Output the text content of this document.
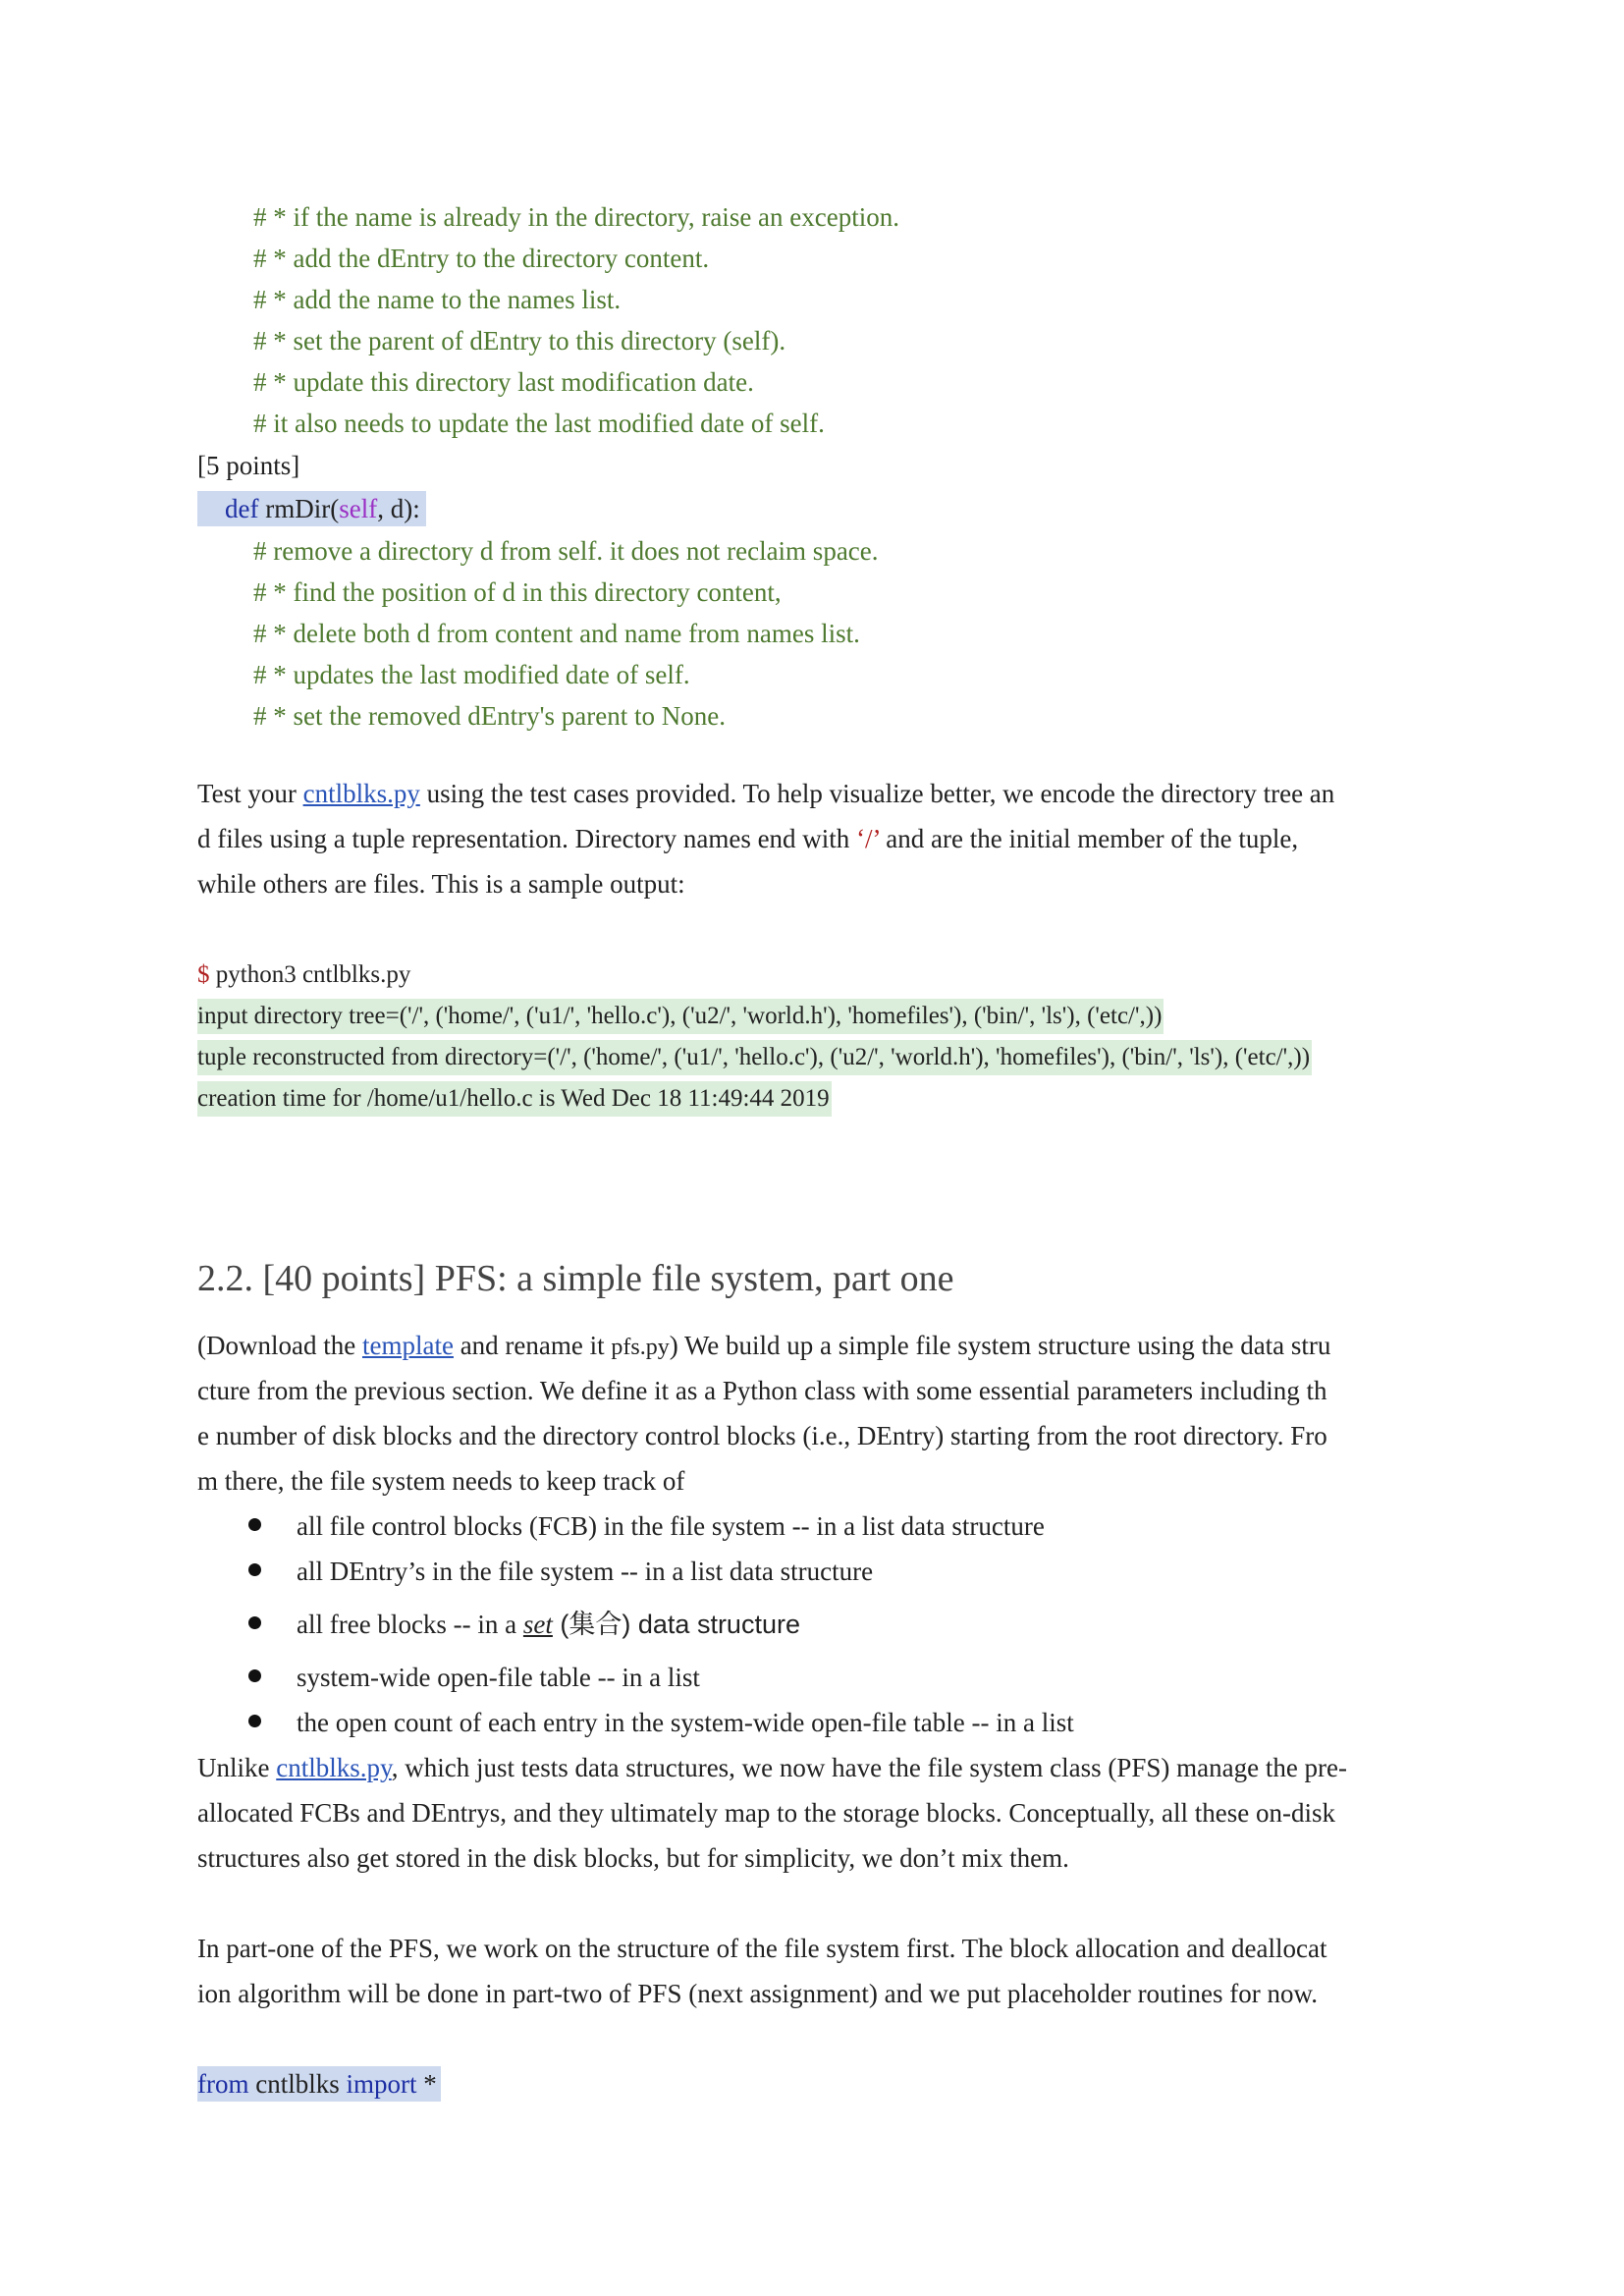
# * if the name is already in the directory, raise an exception.
# * add the dEntry to the directory content.
# * add the name to the names list.
# * set the parent of dEntry to this directory (self).
# * update this directory last modification date.
# it also needs to update the last modified date of self.
[5 points]
def rmDir(self, d):
# remove a directory d from self. it does not reclaim space.
# * find the position of d in this directory content,
# * delete both d from content and name from names list.
# * updates the last modified date of self.
# * set the removed dEntry's parent to None.
Test your cntlblks.py using the test cases provided. To help visualize better, we encode the directory tree an
d files using a tuple representation. Directory names end with ‘/’ and are the initial member of the tuple,
while others are files. This is a sample output:
$ python3 cntlblks.py
input directory tree=('/', ('home/', ('u1/', 'hello.c'), ('u2/', 'world.h'), 'homefiles'), ('bin/', 'ls'), ('etc/',))
tuple reconstructed from directory=('/', ('home/', ('u1/', 'hello.c'), ('u2/', 'world.h'), 'homefiles'), ('bin/', 'ls'), ('etc/',))
creation time for /home/u1/hello.c is Wed Dec 18 11:49:44 2019
2.2. [40 points] PFS: a simple file system, part one
(Download the template and rename it pfs.py) We build up a simple file system structure using the data stru
cture from the previous section. We define it as a Python class with some essential parameters including th
e number of disk blocks and the directory control blocks (i.e., DEntry) starting from the root directory. Fro
m there, the file system needs to keep track of
all file control blocks (FCB) in the file system -- in a list data structure
all DEntry’s in the file system -- in a list data structure
all free blocks -- in a set (集合) data structure
system-wide open-file table -- in a list
the open count of each entry in the system-wide open-file table -- in a list
Unlike cntlblks.py, which just tests data structures, we now have the file system class (PFS) manage the pre-
allocated FCBs and DEntrys, and they ultimately map to the storage blocks. Conceptually, all these on-disk
structures also get stored in the disk blocks, but for simplicity, we don’t mix them.
In part-one of the PFS, we work on the structure of the file system first. The block allocation and deallocat
ion algorithm will be done in part-two of PFS (next assignment) and we put placeholder routines for now.
from cntlblks import *
